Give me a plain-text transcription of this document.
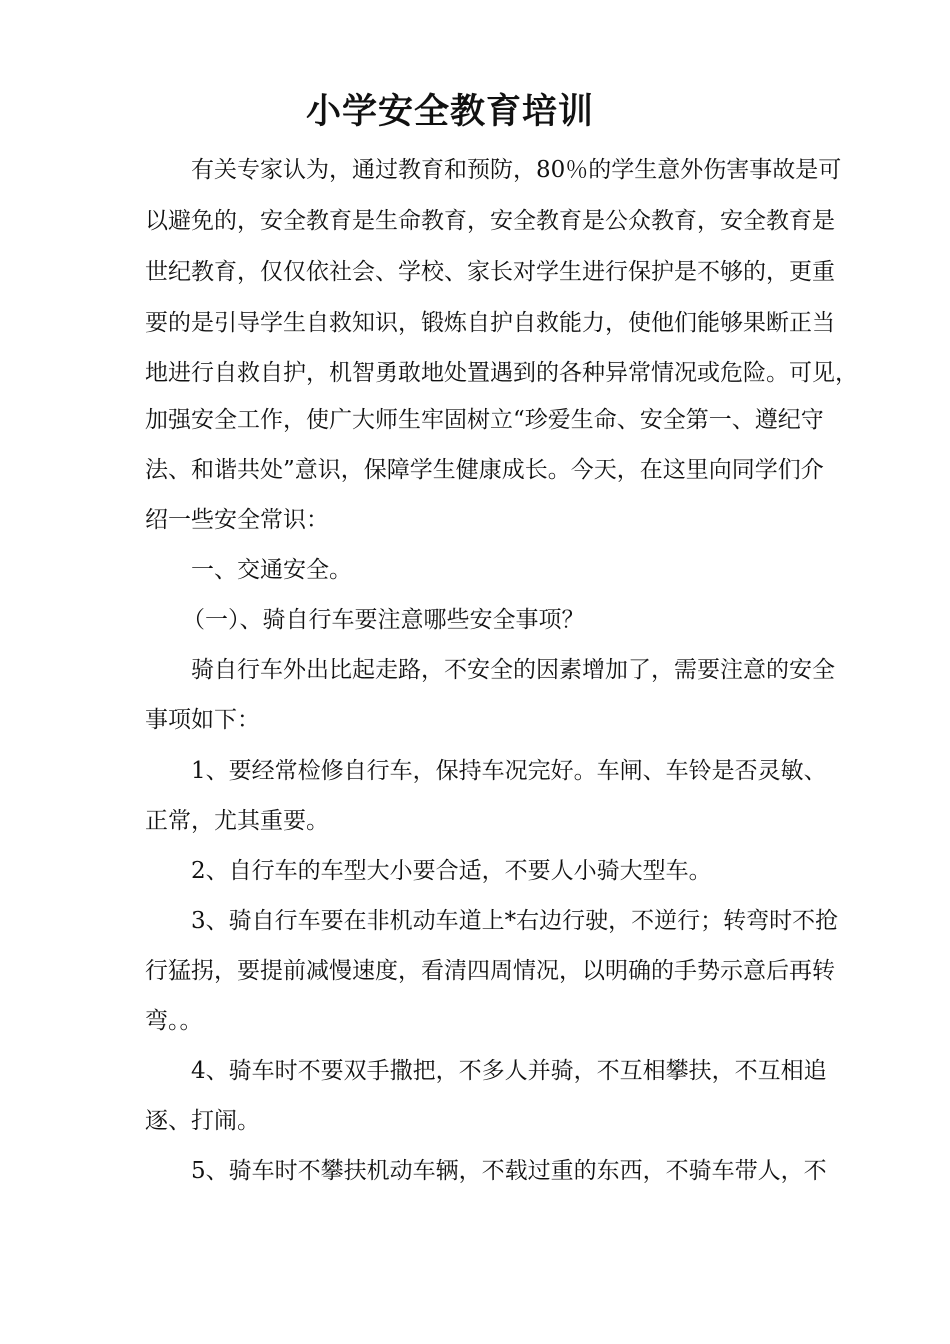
小学安全教育培训
有关专家认为，通过教育和预防，80％的学生意外伤害事故是可
以避免的，安全教育是生命教育，安全教育是公众教育，安全教育是
世纪教育，仅仅依社会、学校、家长对学生进行保护是不够的，更重
要的是引导学生自救知识，锻炼自护自救能力，使他们能够果断正当
地进行自救自护，机智勇敢地处置遇到的各种异常情况或危险。可见，
加强安全工作，使广大师生牢固树立“珍爱生命、安全第一、遵纪守
法、和谐共处”意识，保障学生健康成长。今天，在这里向同学们介
绍一些安全常识：
一、交通安全。
（一）、骑自行车要注意哪些安全事项？
骑自行车外出比起走路，不安全的因素增加了，需要注意的安全
事项如下：
1、要经常检修自行车，保持车况完好。车闸、车铃是否灵敏、
正常，尤其重要。
2、自行车的车型大小要合适，不要人小骑大型车。
3、骑自行车要在非机动车道上*右边行驶，不逆行；转弯时不抢
行猛拐，要提前减慢速度，看清四周情况，以明确的手势示意后再转
弯。。
4、骑车时不要双手撒把，不多人并骑，不互相攀扶，不互相追
逐、打闹。
5、骑车时不攀扶机动车辆，不载过重的东西，不骑车带人，不
